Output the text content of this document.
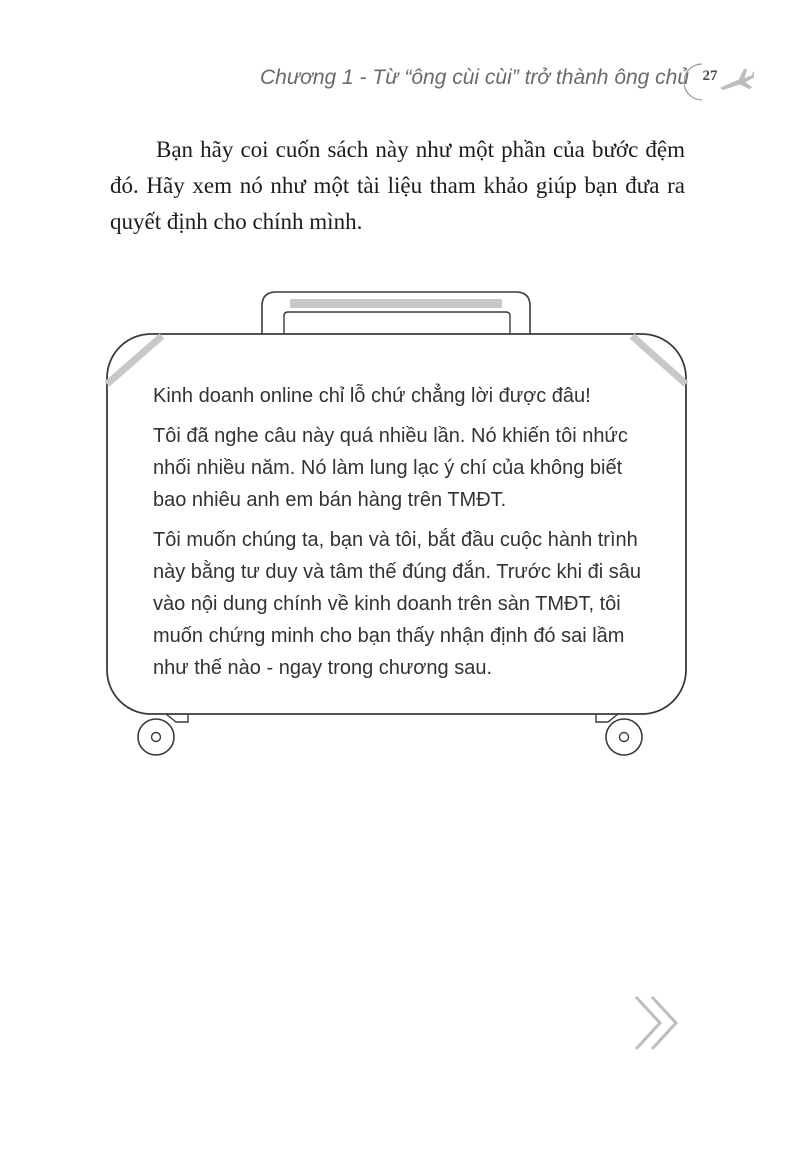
Chương 1 - Từ “ông cùi cùi” trở thành ông chủ 27

Bạn hãy coi cuốn sách này như một phần của bước đệm đó. Hãy xem nó như một tài liệu tham khảo giúp bạn đưa ra quyết định cho chính mình.

Kinh doanh online chỉ lỗ chứ chẳng lời được đâu!

Tôi đã nghe câu này quá nhiều lần. Nó khiến tôi nhức nhối nhiều năm. Nó làm lung lạc ý chí của không biết bao nhiêu anh em bán hàng trên TMĐT.

Tôi muốn chúng ta, bạn và tôi, bắt đầu cuộc hành trình này bằng tư duy và tâm thế đúng đắn. Trước khi đi sâu vào nội dung chính về kinh doanh trên sàn TMĐT, tôi muốn chứng minh cho bạn thấy nhận định đó sai lầm như thế nào - ngay trong chương sau.
